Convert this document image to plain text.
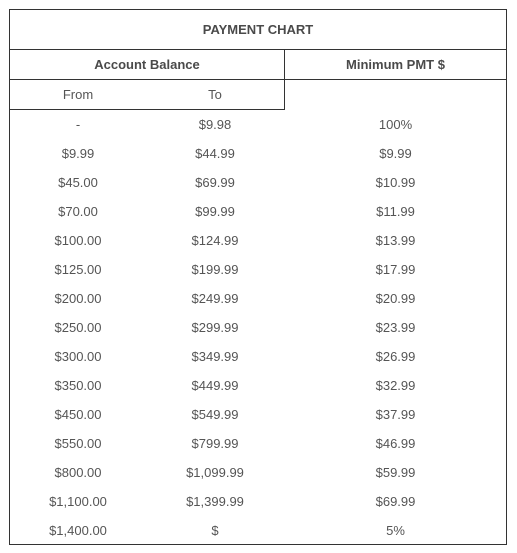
PAYMENT CHART
Account Balance	Minimum PMT $
From	To
-	$9.98	100%
$9.99	$44.99	$9.99
$45.00	$69.99	$10.99
$70.00	$99.99	$11.99
$100.00	$124.99	$13.99
$125.00	$199.99	$17.99
$200.00	$249.99	$20.99
$250.00	$299.99	$23.99
$300.00	$349.99	$26.99
$350.00	$449.99	$32.99
$450.00	$549.99	$37.99
$550.00	$799.99	$46.99
$800.00	$1,099.99	$59.99
$1,100.00	$1,399.99	$69.99
$1,400.00	$	5%
